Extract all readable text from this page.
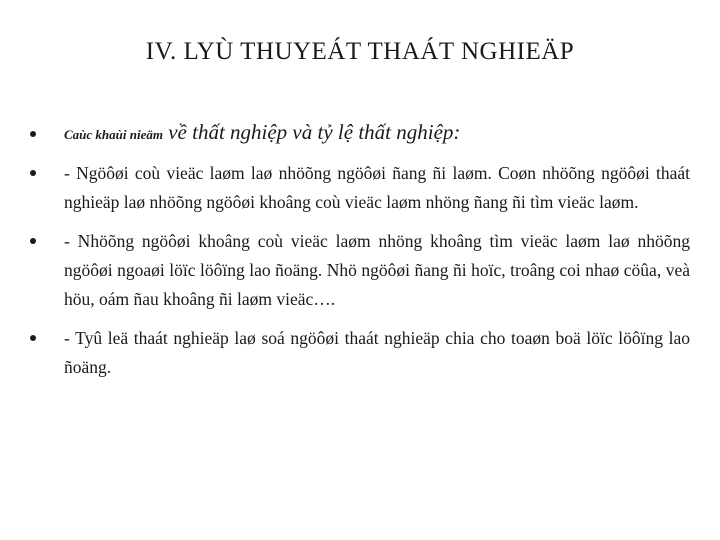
IV. LYÙ THUYEÁT THAÁT NGHIEÄP
Caùc khaùi nieäm về thất nghiệp và tỷ lệ thất nghiệp:
- Ngöôøi coù vieäc laøm laø nhöõng ngöôøi ñang ñi laøm. Coøn nhöõng ngöôøi thaát nghieäp laø nhöõng ngöôøi khoâng coù vieäc laøm nhöng ñang ñi tìm vieäc laøm.
- Nhöõng ngöôøi khoâng coù vieäc laøm nhöng khoâng tìm vieäc laøm laø nhöõng ngöôøi ngoaøi löïc löôïng lao ñoäng. Nhö ngöôøi ñang ñi hoïc, troâng coi nhaø cöûa, veà höu, oám ñau khoâng ñi laøm vieäc….
- Tyû leä thaát nghieäp laø soá ngöôøi thaát nghieäp chia cho toaøn boä löïc löôïng lao ñoäng.
